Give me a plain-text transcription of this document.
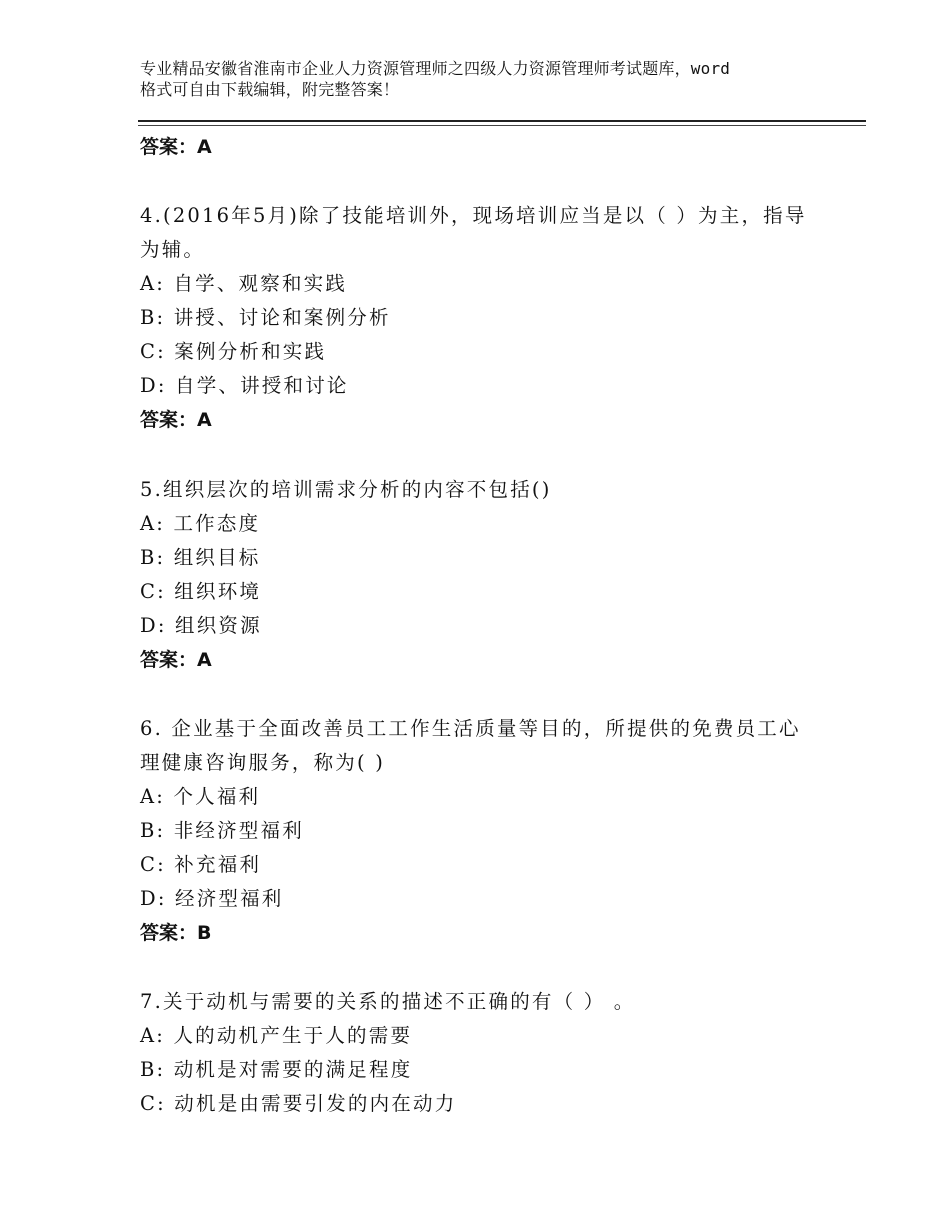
专业精品安徽省淮南市企业人力资源管理师之四级人力资源管理师考试题库，word
格式可自由下载编辑，附完整答案！
答案：A
4.(2016年5月)除了技能培训外，现场培训应当是以（ ）为主，指导
为辅。
A: 自学、观察和实践
B: 讲授、讨论和案例分析
C: 案例分析和实践
D: 自学、讲授和讨论
答案：A
5.组织层次的培训需求分析的内容不包括()
A: 工作态度
B: 组织目标
C: 组织环境
D: 组织资源
答案：A
6. 企业基于全面改善员工工作生活质量等目的，所提供的免费员工心
理健康咨询服务，称为( )
A: 个人福利
B: 非经济型福利
C: 补充福利
D: 经济型福利
答案：B
7.关于动机与需要的关系的描述不正确的有（ ） 。
A: 人的动机产生于人的需要
B: 动机是对需要的满足程度
C: 动机是由需要引发的内在动力
